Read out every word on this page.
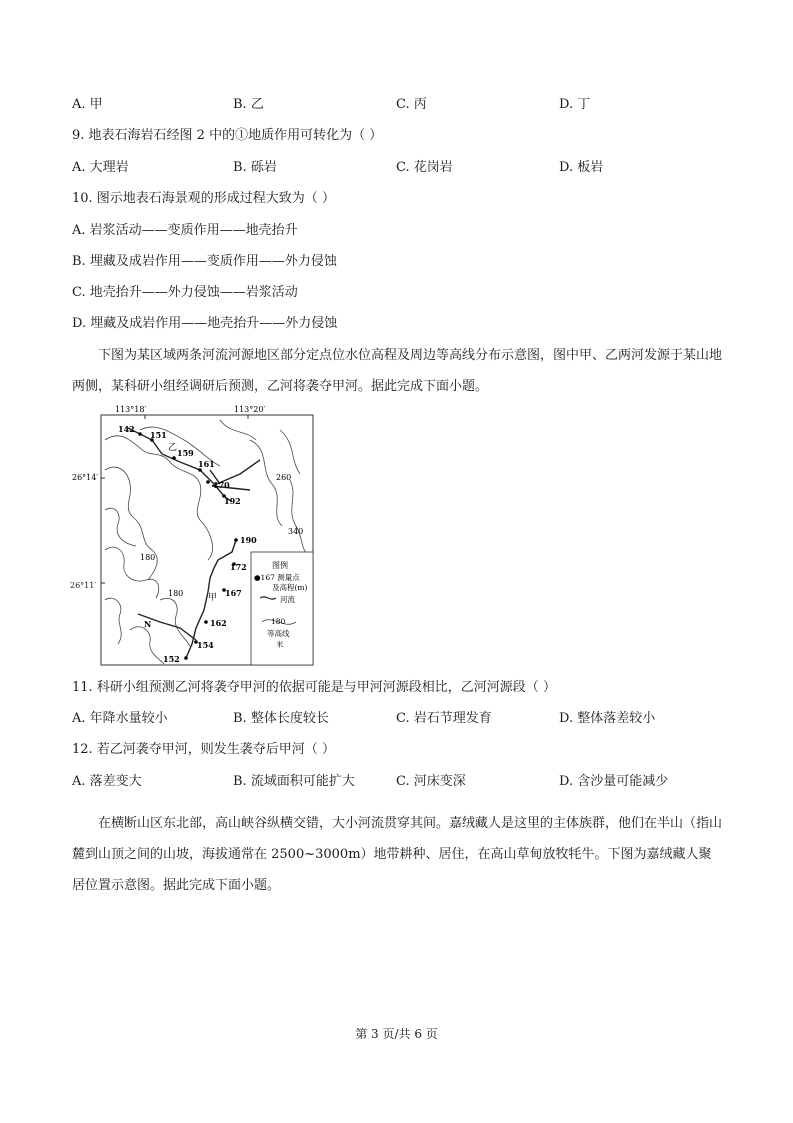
A. 甲	B. 乙	C. 丙	D. 丁
9. 地表石海岩石经图 2 中的①地质作用可转化为（ ）
A. 大理岩	B. 砾岩	C. 花岗岩	D. 板岩
10. 图示地表石海景观的形成过程大致为（ ）
A. 岩浆活动——变质作用——地壳抬升
B. 埋藏及成岩作用——变质作用——外力侵蚀
C. 地壳抬升——外力侵蚀——岩浆活动
D. 埋藏及成岩作用——地壳抬升——外力侵蚀
下图为某区域两条河流河源地区部分定点位水位高程及周边等高线分布示意图，图中甲、乙两河发源于某山地两侧，某科研小组经调研后预测，乙河将袭夺甲河。据此完成下面小题。
113°18′	113°20′
26°14′
142
151
159
161
170
192
190
172
167
162
154
152
乙
甲
260
340
180
180
N
图例
●167 测量点
及高程(m)
河流
180
等高线
米
26°11′
11. 科研小组预测乙河将袭夺甲河的依据可能是与甲河河源段相比，乙河河源段（ ）
A. 年降水量较小	B. 整体长度较长	C. 岩石节理发育	D. 整体落差较小
12. 若乙河袭夺甲河，则发生袭夺后甲河（ ）
A. 落差变大	B. 流域面积可能扩大	C. 河床变深	D. 含沙量可能减少
在横断山区东北部，高山峡谷纵横交错，大小河流贯穿其间。嘉绒藏人是这里的主体族群，他们在半山（指山麓到山顶之间的山坡，海拔通常在 2500~3000m）地带耕种、居住，在高山草甸放牧牦牛。下图为嘉绒藏人聚居位置示意图。据此完成下面小题。
第 3 页/共 6 页
